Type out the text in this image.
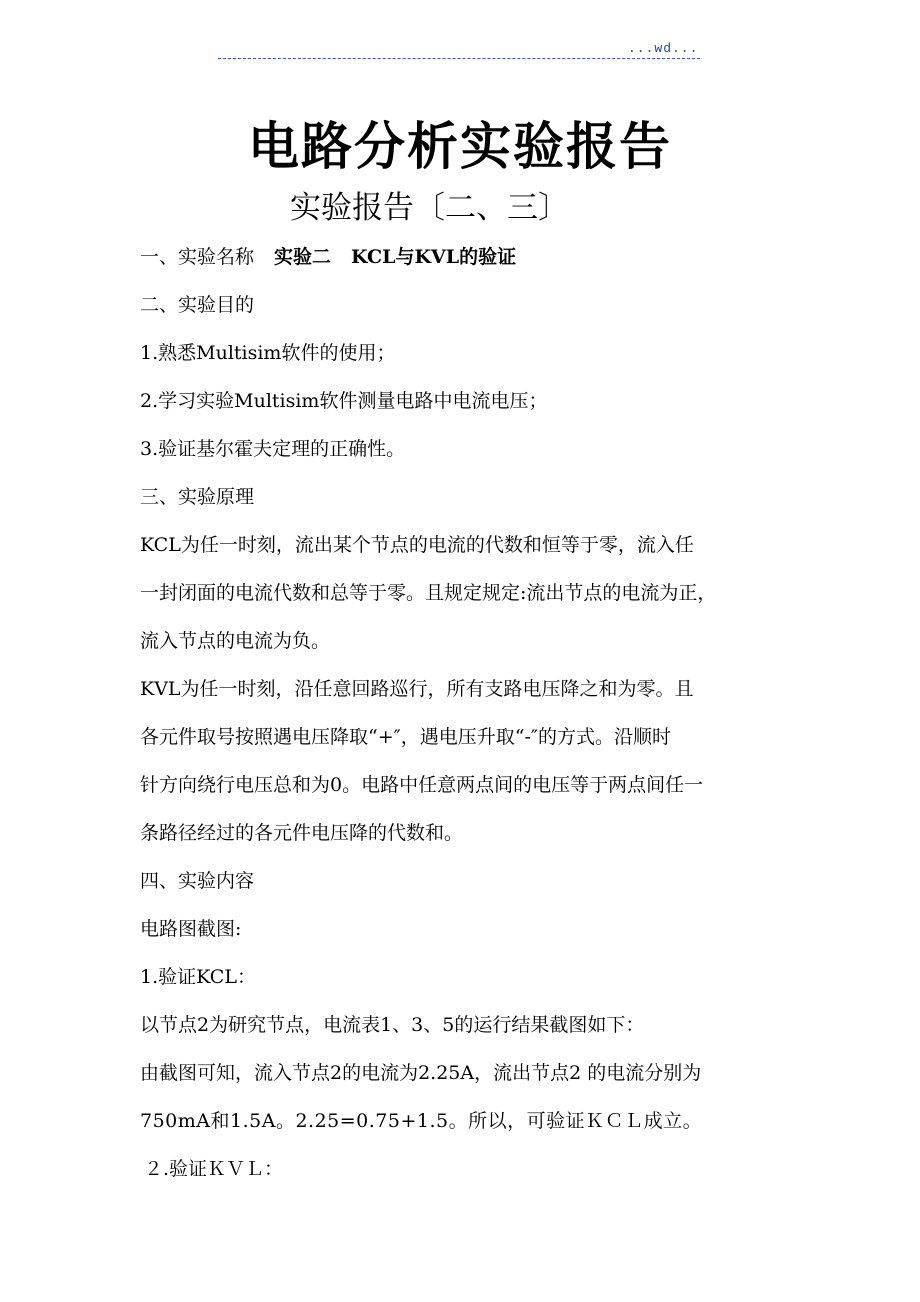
...wd...
电路分析实验报告
实验报告〔二、三〕
一、实验名称 实验二 KCL与KVL的验证
二、实验目的
1.熟悉Multisim软件的使用；
2.学习实验Multisim软件测量电路中电流电压；
3.验证基尔霍夫定理的正确性。
三、实验原理
KCL为任一时刻，流出某个节点的电流的代数和恒等于零，流入任
一封闭面的电流代数和总等于零。且规定规定:流出节点的电流为正，
流入节点的电流为负。
KVL为任一时刻，沿任意回路巡行，所有支路电压降之和为零。且
各元件取号按照遇电压降取“+″，遇电压升取“-″的方式。沿顺时
针方向绕行电压总和为0。电路中任意两点间的电压等于两点间任一
条路径经过的各元件电压降的代数和。
四、实验内容
电路图截图:
1.验证KCL：
以节点2为研究节点，电流表1、3、5的运行结果截图如下：
由截图可知，流入节点2的电流为2.25A，流出节点2 的电流分别为
750mA和1.5A。2.25=0.75+1.5。所以，可验证ＫＣＬ成立。
２.验证ＫＶＬ：
